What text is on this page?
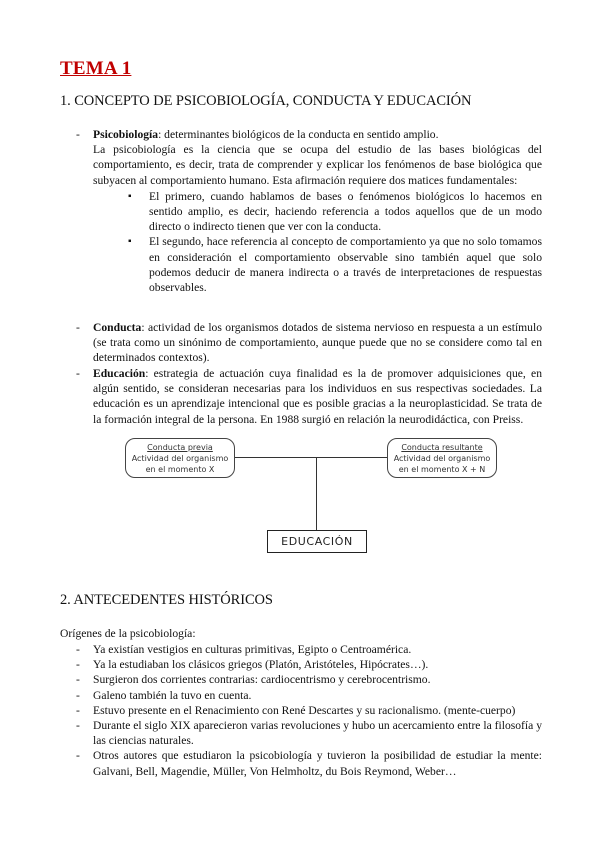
TEMA 1
1. CONCEPTO DE PSICOBIOLOGÍA, CONDUCTA Y EDUCACIÓN
- Psicobiología: determinantes biológicos de la conducta en sentido amplio.
La psicobiología es la ciencia que se ocupa del estudio de las bases biológicas del comportamiento, es decir, trata de comprender y explicar los fenómenos de base biológica que subyacen al comportamiento humano. Esta afirmación requiere dos matices fundamentales:
▪ El primero, cuando hablamos de bases o fenómenos biológicos lo hacemos en sentido amplio, es decir, haciendo referencia a todos aquellos que de un modo directo o indirecto tienen que ver con la conducta.
▪ El segundo, hace referencia al concepto de comportamiento ya que no solo tomamos en consideración el comportamiento observable sino también aquel que solo podemos deducir de manera indirecta o a través de interpretaciones de respuestas observables.
- Conducta: actividad de los organismos dotados de sistema nervioso en respuesta a un estímulo (se trata como un sinónimo de comportamiento, aunque puede que no se considere como tal en determinados contextos).
- Educación: estrategia de actuación cuya finalidad es la de promover adquisiciones que, en algún sentido, se consideran necesarias para los individuos en sus respectivas sociedades. La educación es un aprendizaje intencional que es posible gracias a la neuroplasticidad. Se trata de la formación integral de la persona. En 1988 surgió en relación la neurodidáctica, con Preiss.
Conducta previa
Actividad del organismo en el momento X
Conducta resultante
Actividad del organismo en el momento X + N
EDUCACIÓN
2. ANTECEDENTES HISTÓRICOS
Orígenes de la psicobiología:
- Ya existían vestigios en culturas primitivas, Egipto o Centroamérica.
- Ya la estudiaban los clásicos griegos (Platón, Aristóteles, Hipócrates…).
- Surgieron dos corrientes contrarias: cardiocentrismo y cerebrocentrismo.
- Galeno también la tuvo en cuenta.
- Estuvo presente en el Renacimiento con René Descartes y su racionalismo. (mente-cuerpo)
- Durante el siglo XIX aparecieron varias revoluciones y hubo un acercamiento entre la filosofía y las ciencias naturales.
- Otros autores que estudiaron la psicobiología y tuvieron la posibilidad de estudiar la mente: Galvani, Bell, Magendie, Müller, Von Helmholtz, du Bois Reymond, Weber…
